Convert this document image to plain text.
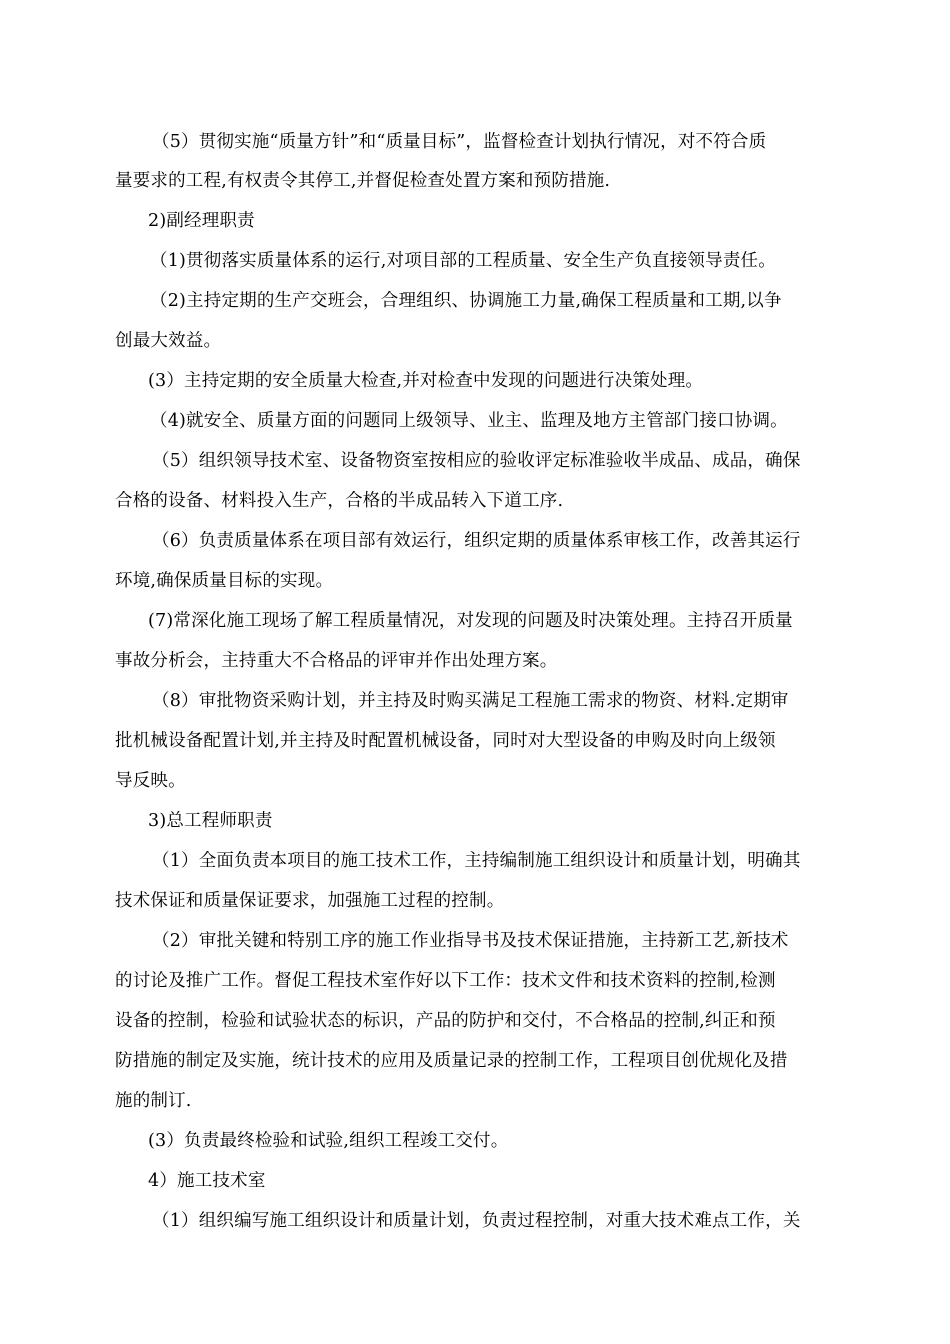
（5）贯彻实施“质量方针”和“质量目标”，监督检查计划执行情况，对不符合质
量要求的工程,有权责令其停工,并督促检查处置方案和预防措施.
2)副经理职责
（1)贯彻落实质量体系的运行,对项目部的工程质量、安全生产负直接领导责任。
（2)主持定期的生产交班会，合理组织、协调施工力量,确保工程质量和工期,以争
创最大效益。
(3）主持定期的安全质量大检查,并对检查中发现的问题进行决策处理。
（4)就安全、质量方面的问题同上级领导、业主、监理及地方主管部门接口协调。
（5）组织领导技术室、设备物资室按相应的验收评定标准验收半成品、成品，确保
合格的设备、材料投入生产，合格的半成品转入下道工序.
（6）负责质量体系在项目部有效运行，组织定期的质量体系审核工作，改善其运行
环境,确保质量目标的实现。
(7)常深化施工现场了解工程质量情况，对发现的问题及时决策处理。主持召开质量
事故分析会，主持重大不合格品的评审并作出处理方案。
（8）审批物资采购计划，并主持及时购买满足工程施工需求的物资、材料.定期审
批机械设备配置计划,并主持及时配置机械设备，同时对大型设备的申购及时向上级领
导反映。
3)总工程师职责
（1）全面负责本项目的施工技术工作，主持编制施工组织设计和质量计划，明确其
技术保证和质量保证要求，加强施工过程的控制。
（2）审批关键和特别工序的施工作业指导书及技术保证措施，主持新工艺,新技术
的讨论及推广工作。督促工程技术室作好以下工作：技术文件和技术资料的控制,检测
设备的控制，检验和试验状态的标识，产品的防护和交付，不合格品的控制,纠正和预
防措施的制定及实施，统计技术的应用及质量记录的控制工作，工程项目创优规化及措
施的制订.
(3）负责最终检验和试验,组织工程竣工交付。
4）施工技术室
（1）组织编写施工组织设计和质量计划，负责过程控制，对重大技术难点工作，关
